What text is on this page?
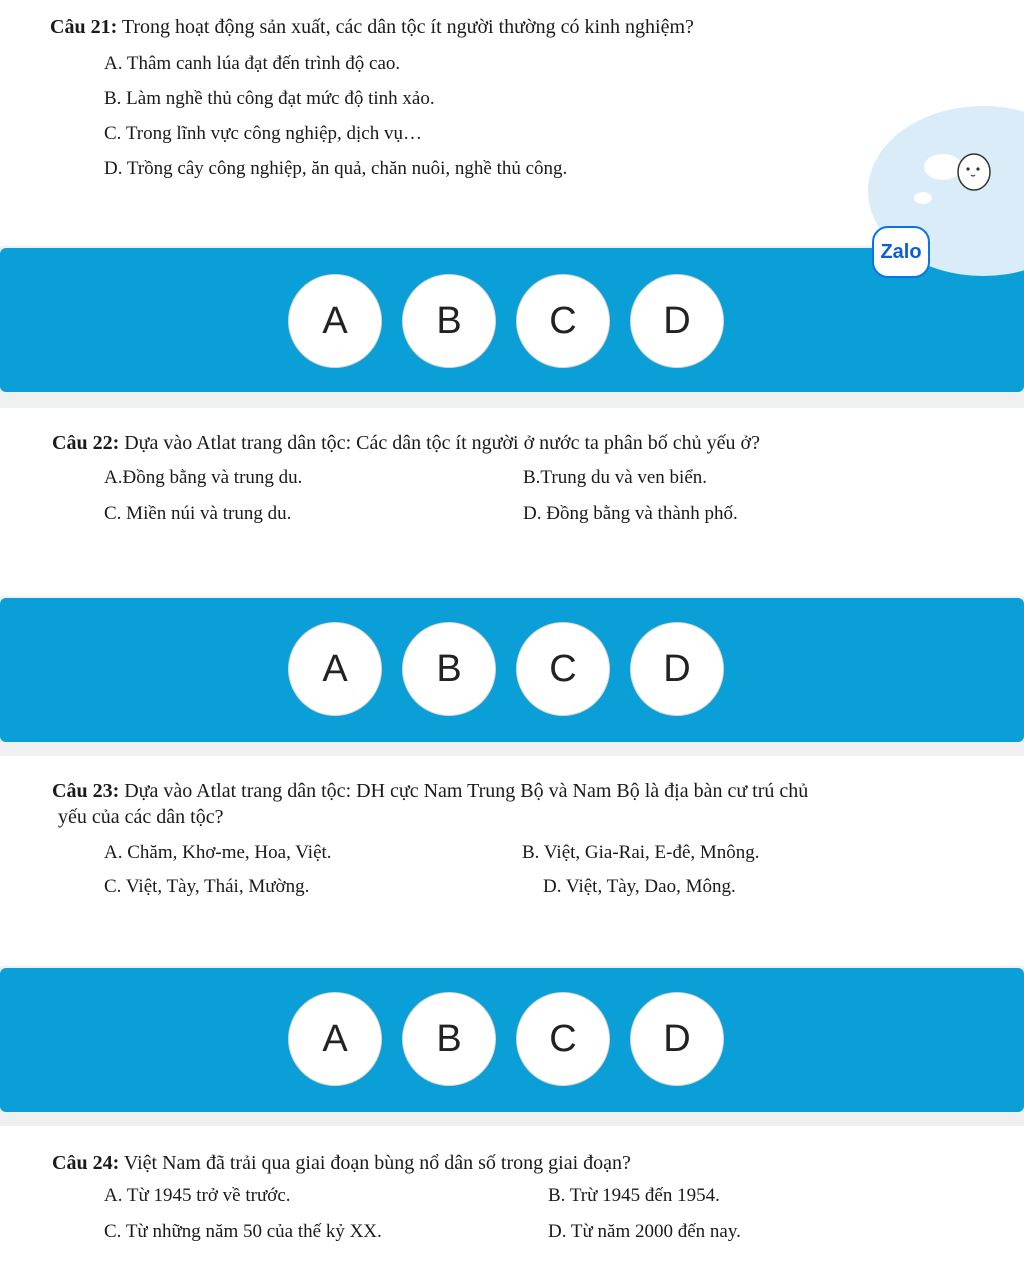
Câu 21: Trong hoạt động sản xuất, các dân tộc ít người thường có kinh nghiệm?
A. Thâm canh lúa đạt đến trình độ cao.
B. Làm nghề thủ công đạt mức độ tinh xảo.
C. Trong lĩnh vực công nghiệp, dịch vụ…
D. Trồng cây công nghiệp, ăn quả, chăn nuôi, nghề thủ công.
A	B	C	D
Câu 22: Dựa vào Atlat trang dân tộc: Các dân tộc ít người ở nước ta phân bố chủ yếu ở?
A.Đồng bằng và trung du.	B.Trung du và ven biển.
C. Miền núi và trung du.	D. Đồng bằng và thành phố.
A	B	C	D
Câu 23: Dựa vào Atlat trang dân tộc: DH cực Nam Trung Bộ và Nam Bộ là địa bàn cư trú chủ
yếu của các dân tộc?
A. Chăm, Khơ-me, Hoa, Việt.	B. Việt, Gia-Rai, E-đê, Mnông.
C. Việt, Tày, Thái, Mường.	D. Việt, Tày, Dao, Mông.
A	B	C	D
Câu 24: Việt Nam đã trải qua giai đoạn bùng nổ dân số trong giai đoạn?
A. Từ 1945 trở về trước.	B. Trừ 1945 đến 1954.
C. Từ những năm 50 của thế kỷ XX.	D. Từ năm 2000 đến nay.
Zalo
